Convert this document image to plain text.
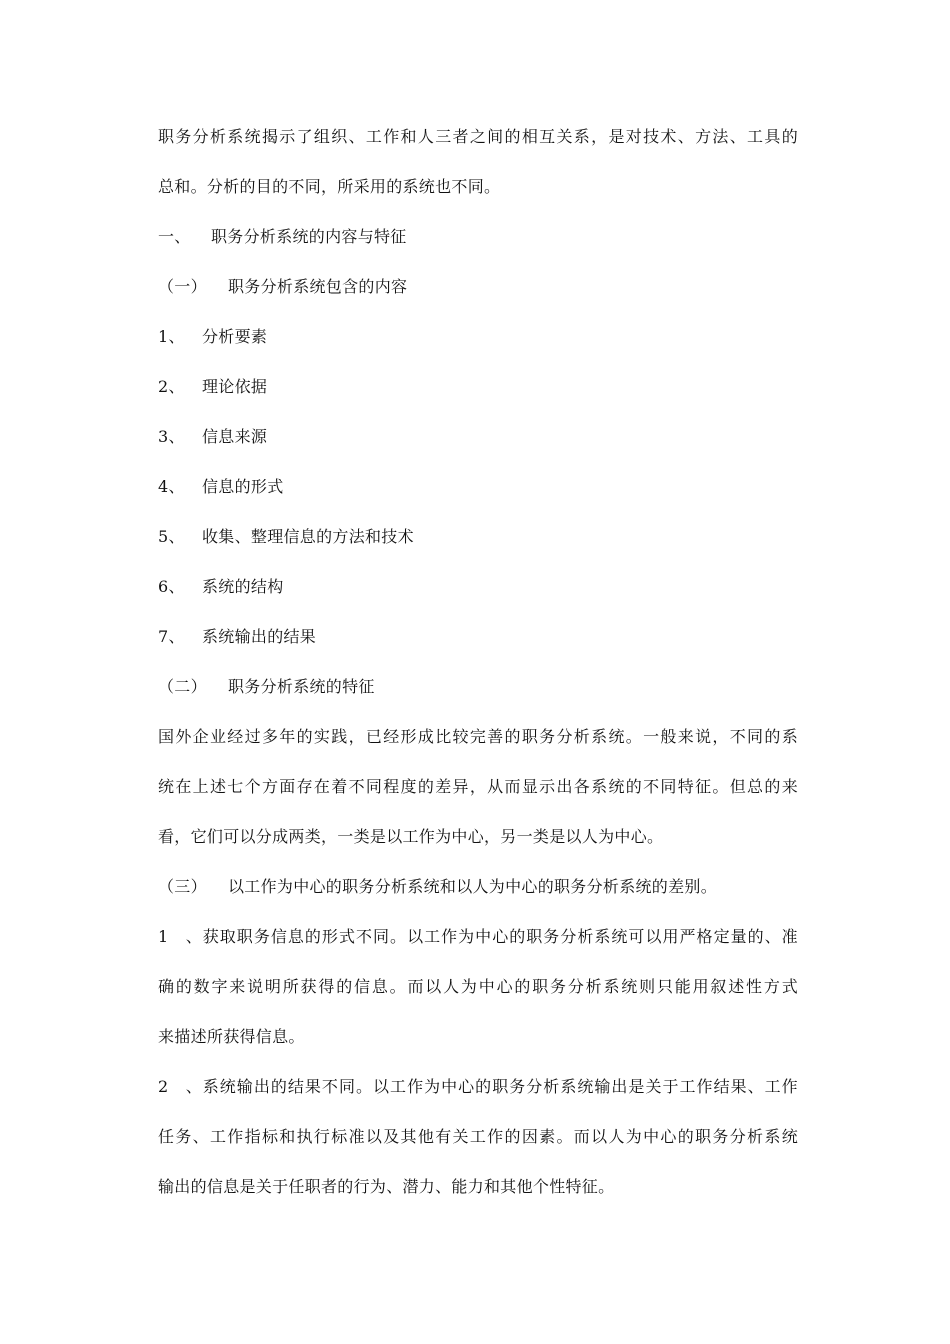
职务分析系统揭示了组织、工作和人三者之间的相互关系，是对技术、方法、工具的
总和。分析的目的不同，所采用的系统也不同。
一、 职务分析系统的内容与特征
（一） 职务分析系统包含的内容
1、 分析要素
2、 理论依据
3、 信息来源
4、 信息的形式
5、 收集、整理信息的方法和技术
6、 系统的结构
7、 系统输出的结果
（二） 职务分析系统的特征
国外企业经过多年的实践，已经形成比较完善的职务分析系统。一般来说，不同的系
统在上述七个方面存在着不同程度的差异，从而显示出各系统的不同特征。但总的来
看，它们可以分成两类，一类是以工作为中心，另一类是以人为中心。
（三） 以工作为中心的职务分析系统和以人为中心的职务分析系统的差别。
1、获取职务信息的形式不同。以工作为中心的职务分析系统可以用严格定量的、准
确的数字来说明所获得的信息。而以人为中心的职务分析系统则只能用叙述性方式
来描述所获得信息。
2、系统输出的结果不同。以工作为中心的职务分析系统输出是关于工作结果、工作
任务、工作指标和执行标准以及其他有关工作的因素。而以人为中心的职务分析系统
输出的信息是关于任职者的行为、潜力、能力和其他个性特征。
